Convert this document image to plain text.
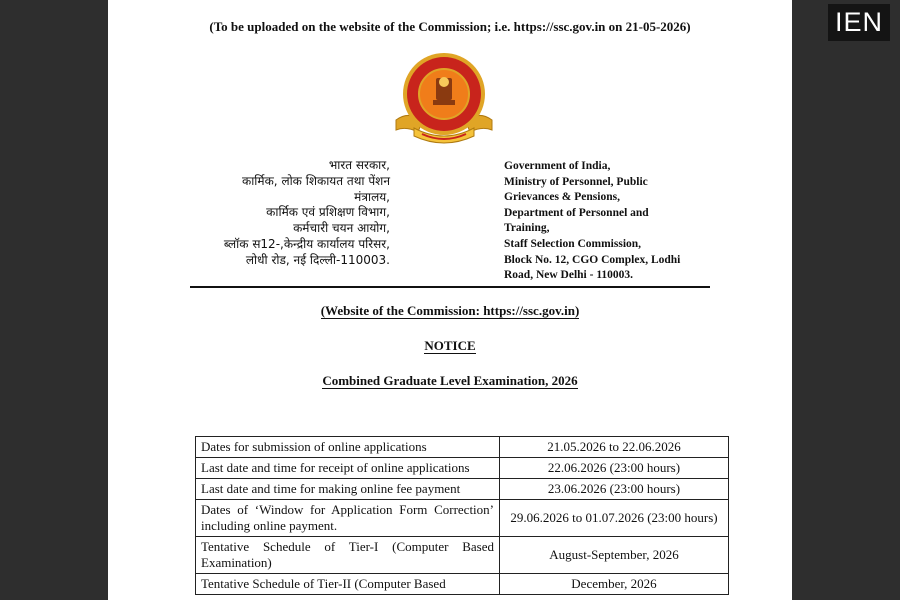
(To be uploaded on the website of the Commission; i.e. https://ssc.gov.in on 21-05-2026)
भारत सरकार,
कार्मिक, लोक शिकायत तथा पेंशन
मंत्रालय,
कार्मिक एवं प्रशिक्षण विभाग,
कर्मचारी चयन आयोग,
ब्लॉक स12-,केन्द्रीय कार्यालय परिसर,
लोधी रोड, नई दिल्ली-110003.
Government of India,
Ministry of Personnel, Public
Grievances & Pensions,
Department of Personnel and
Training,
Staff Selection Commission,
Block No. 12, CGO Complex, Lodhi
Road, New Delhi - 110003.
(Website of the Commission: https://ssc.gov.in)
NOTICE
Combined Graduate Level Examination, 2026
Dates for submission of online applications	21.05.2026 to 22.06.2026
Last date and time for receipt of online applications	22.06.2026 (23:00 hours)
Last date and time for making online fee payment	23.06.2026 (23:00 hours)
Dates of ‘Window for Application Form Correction’ including online payment.	29.06.2026 to 01.07.2026 (23:00 hours)
Tentative Schedule of Tier-I (Computer Based Examination)	August-September, 2026
Tentative Schedule of Tier-II (Computer Based	December, 2026
IEN
